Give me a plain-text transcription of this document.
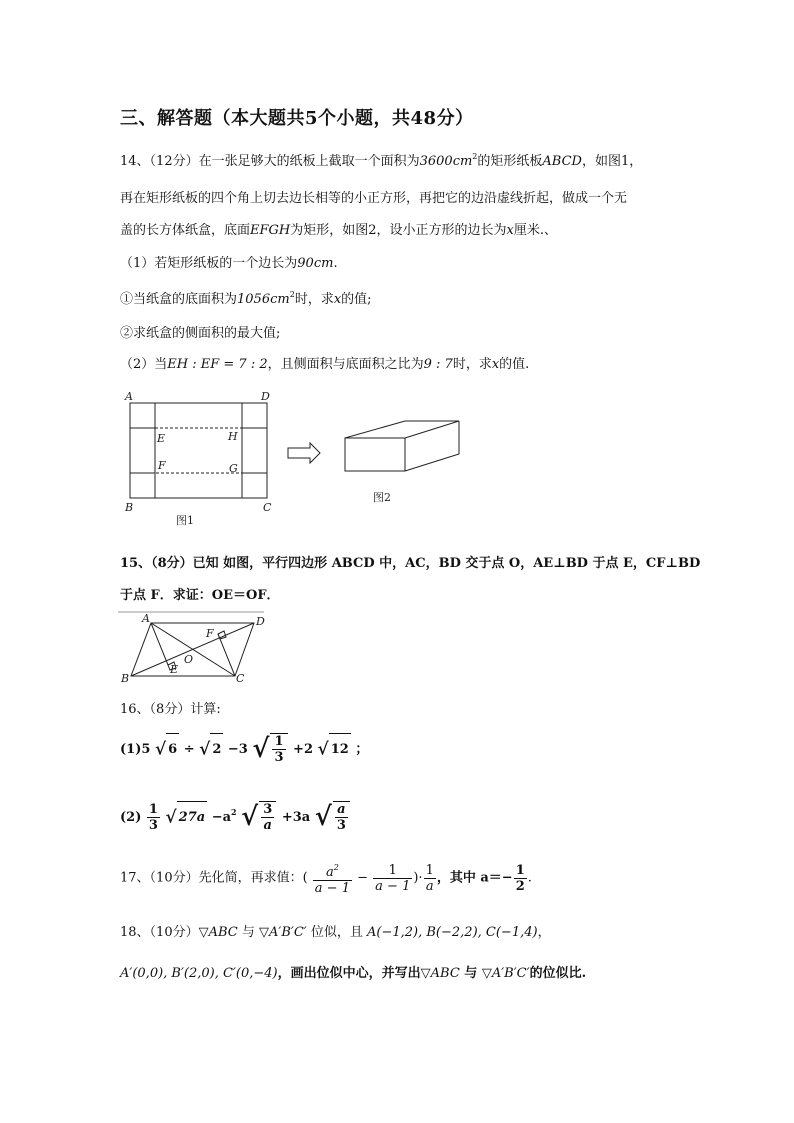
三、解答题（本大题共5个小题，共48分）
14、（12分）在一张足够大的纸板上截取一个面积为$3600cm^2$的矩形纸板ABCD，如图1，
再在矩形纸板的四个角上切去边长相等的小正方形，再把它的边沿虚线折起，做成一个无
盖的长方体纸盒，底面EFGH为矩形，如图2，设小正方形的边长为x厘米.、
（1）若矩形纸板的一个边长为90cm.
①当纸盒的底面积为$1056cm^2$时，求x的值;
②求纸盒的侧面积的最大值;
（2）当EH : EF = 7 : 2，且侧面积与底面积之比为9 : 7时，求x的值.
A	D
B	C
E	H
F	G
图1
图2
15、（8分）已知 如图，平行四边形 ABCD 中，AC，BD 交于点 O，AE⊥BD 于点 E，CF⊥BD
于点 F．求证：OE＝OF．
A	D
B	C
E
F
O
16、（8分）计算:
(1)5 √ 6 ÷ √ 2 −3 √ $\frac{1}{3} +2$ √ 12 ；
$(2) \frac{1}{3}$ √ $27a -a^2$ √ $\frac{3}{a} +3a$ √ $\frac{a}{3}$
17、（10分）先化简，再求值：( $\frac{a^2}{a - 1} - \frac{1}{a - 1}$ )· $\frac{1}{a}$ ，其中 $a=- \frac{1}{2}$ .
18、（10分）▽ABC 与 ▽A′B′C′ 位似，且 A(−1,2), B(−2,2), C(−1,4)，
A′(0,0), B′(2,0), C′(0,−4)，画出位似中心，并写出▽ABC 与 ▽A′B′C′的位似比.
